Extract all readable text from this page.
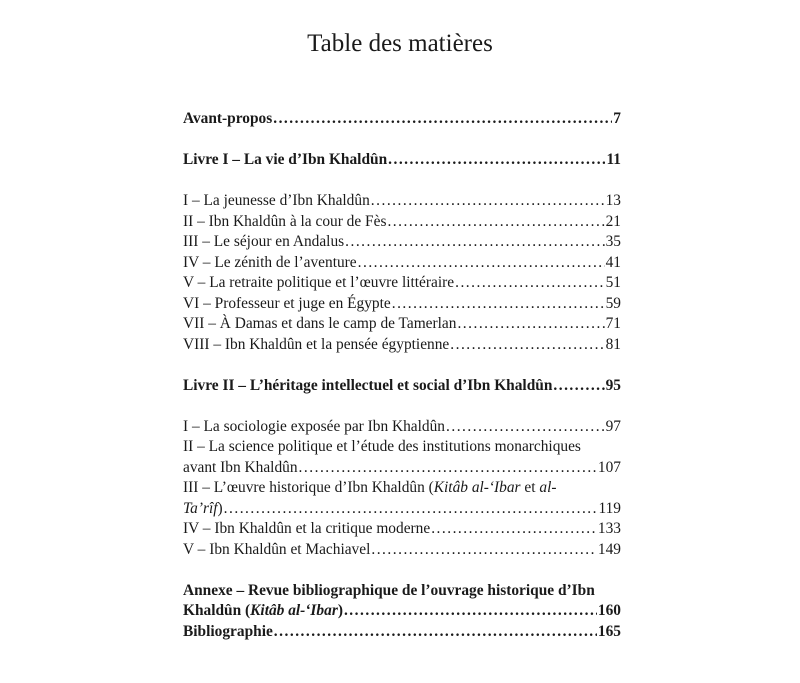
Table des matières
Avant-propos .....	7
Livre I – La vie d’Ibn Khaldûn .....	11
I – La jeunesse d’Ibn Khaldûn .....	13
II – Ibn Khaldûn à la cour de Fès .....	21
III – Le séjour en Andalus .....	35
IV – Le zénith de l’aventure .....	41
V – La retraite politique et l’œuvre littéraire .....	51
VI – Professeur et juge en Égypte .....	59
VII – À Damas et dans le camp de Tamerlan .....	71
VIII – Ibn Khaldûn et la pensée égyptienne .....	81
Livre II – L’héritage intellectuel et social d’Ibn Khaldûn .....	95
I – La sociologie exposée par Ibn Khaldûn .....	97
II – La science politique et l’étude des institutions monarchiques
avant Ibn Khaldûn .....	107
III – L’œuvre historique d’Ibn Khaldûn (Kitâb al-‘Ibar et al-
Ta’rîf) .....	119
IV – Ibn Khaldûn et la critique moderne .....	133
V – Ibn Khaldûn et Machiavel .....	149
Annexe – Revue bibliographique de l’ouvrage historique d’Ibn
Khaldûn (Kitâb al-‘Ibar) .....	160
Bibliographie .....	165
